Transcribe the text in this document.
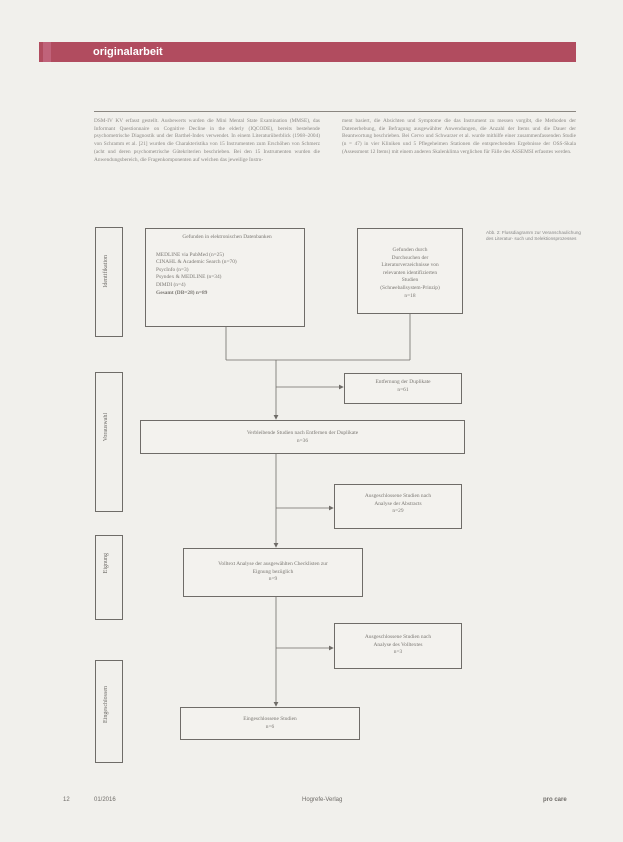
originalarbeit

DSM-IV KV erfasst gestellt. Ausbewerts wurden die Mini Mental State Examination (MMSE), das Informant Questionnaire on Cognitive Decline in the elderly (IQCODE), bereits bestehende psychometrische Diagnostik und der Barthel-Index verwendet. In einem Literaturüberblick (1968–2004) von Schramm et al. [21] wurden die Charakteristika von 15 Instrumenten zum Erschöhen von Schmerz (acht und deren psychometrische Gütekriterien beschrieben. Bei den 15 Instrumenten wurden die Anwendungsbereich, die Fragenkomponenten auf welchen das jeweilige Instru-

ment basiert, die Absichten und Symptome die das Instrument zu messen vorgibt, die Methoden der Datenerhebung, die Befragung ausgewählter Anwendungen, die Anzahl der Items und die Dauer der Beantwortung beschrieben. Bei Cervo und Schwarzer et al. wurde mithilfe einer zusammenfassenden Studie (n = 47) in vier Kliniken und 5 Pflegeheimen Stationen die entsprechenden Ergebnisse der OSS-Skala (Assessment 12 Items) mit einem anderen Skalenklima verglichen für Fälle des ASSEMSI erfasstes werden.

Abb. 2: Flussdiagramm zur Veranschaulichung des Literatur- such und Selektionsprozesses
Identifikation
Vorauswahl
Eignung
Eingeschlossen
Gefunden in elektronischen Datenbanken
MEDLINE via PubMed (n=25)
CINAHL & Academic Search (n=70)
PsycInfo (n=3)
Psyndex & MEDLINE (n=34)
DIMDI (n=4)
Gesamt (DB=28) n=89
Gefunden durch
Durchsuchen der
Literaturverzeichnisse von
relevanten identifizierten
Studien
(Schneeballsystem-Prinzip)
n=18
Entfernung der Duplikate
n=61
Verbleibende Studien nach Entfernen der Duplikate
n=36
Ausgeschlossene Studien nach
Analyse der Abstracts
n=29
Volltext Analyse der ausgewählten Checklisten zur
Eignung bezüglich
n=9
Ausgeschlossene Studien nach
Analyse des Volltextes
n=3
Eingeschlossene Studien
n=6
12	01/2016	Hogrefe-Verlag	pro care
